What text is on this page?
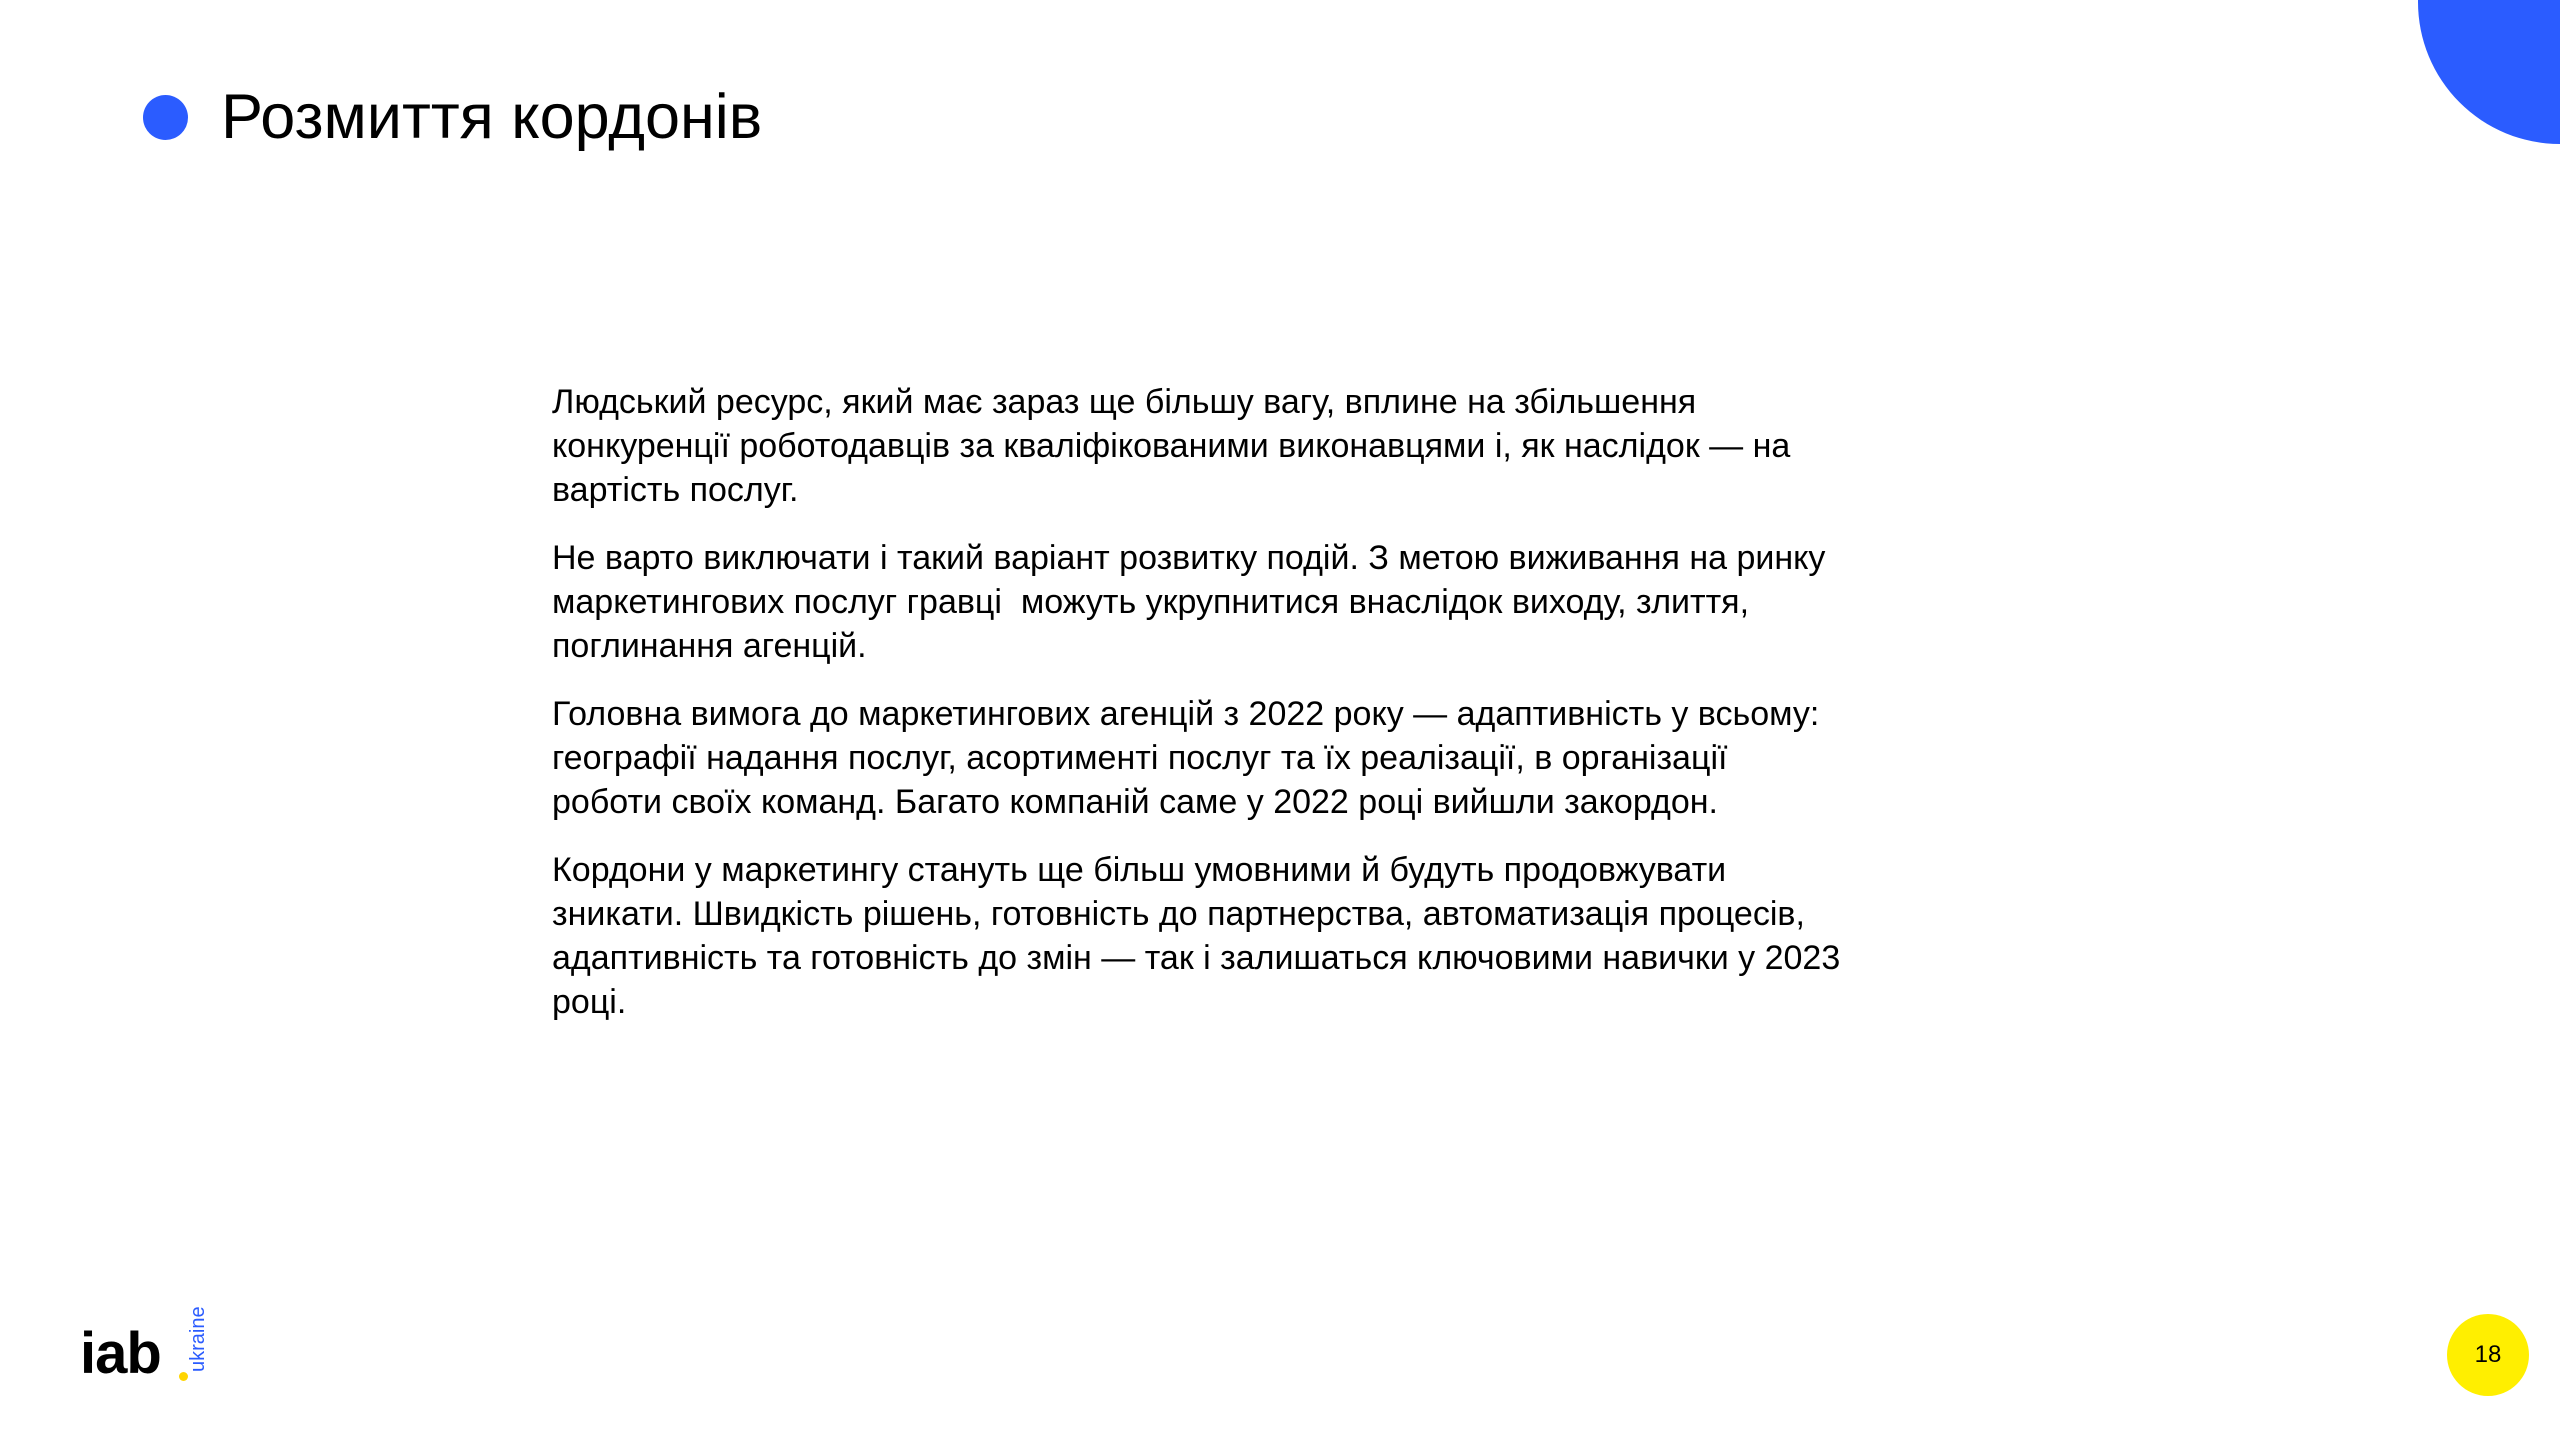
Розмиття кордонів

Людський ресурс, який має зараз ще більшу вагу, вплине на збільшення
конкуренції роботодавців за кваліфікованими виконавцями і, як наслідок — на
вартість послуг.

Не варто виключати і такий варіант розвитку подій. З метою виживання на ринку
маркетингових послуг гравці  можуть укрупнитися внаслідок виходу, злиття,
поглинання агенцій.

Головна вимога до маркетингових агенцій з 2022 року — адаптивність у всьому:
географії надання послуг, асортименті послуг та їх реалізації, в організації
роботи своїх команд. Багато компаній саме у 2022 році вийшли закордон.

Кордони у маркетингу стануть ще більш умовними й будуть продовжувати
зникати. Швидкість рішень, готовність до партнерства, автоматизація процесів,
адаптивність та готовність до змін — так і залишаться ключовими навички у 2023
році.

iab ukraine	18
